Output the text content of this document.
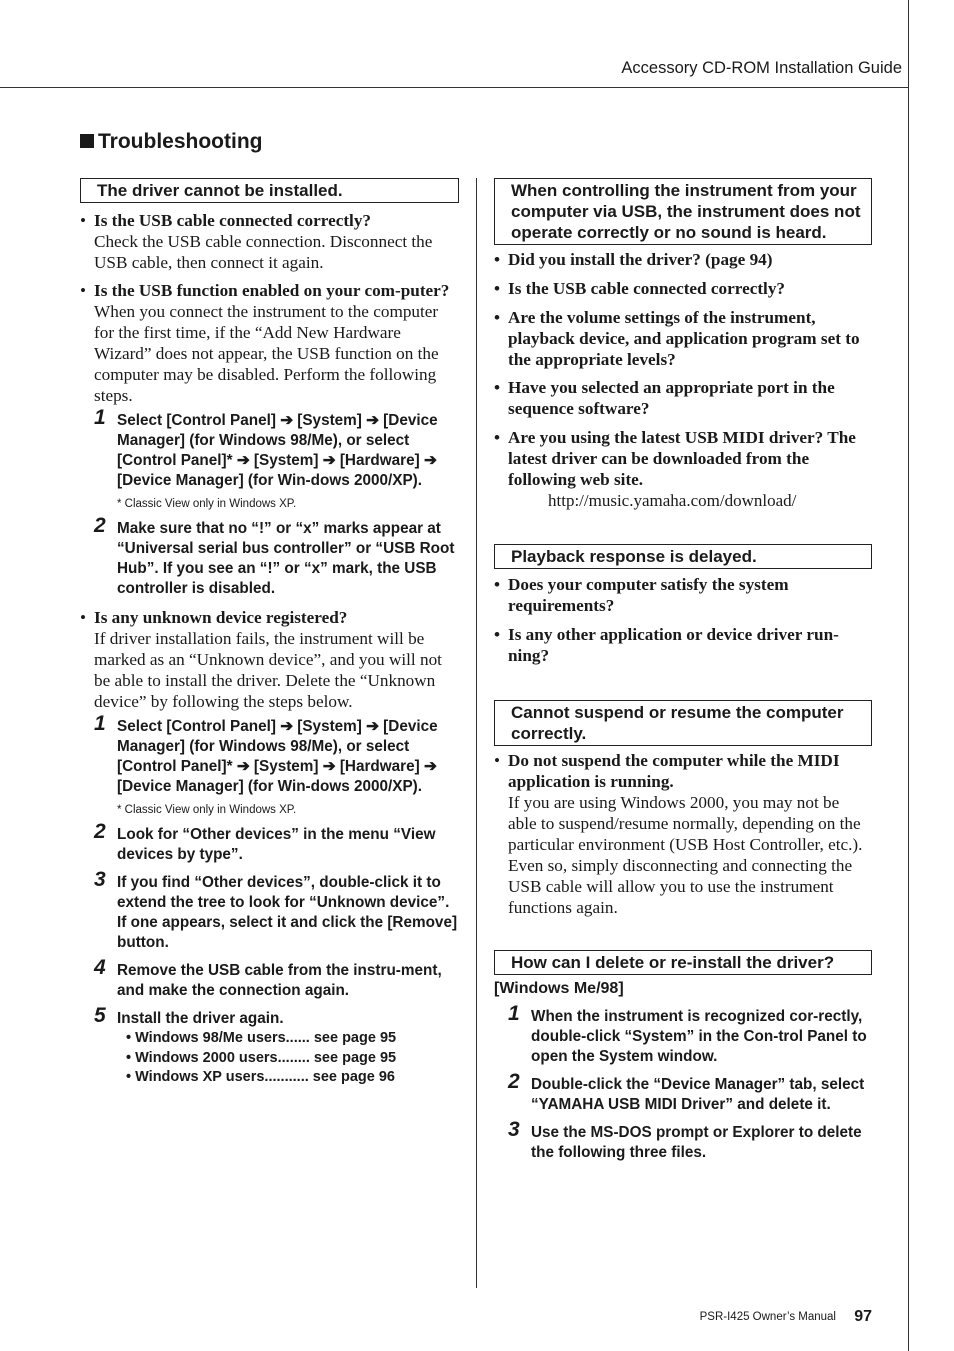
Accessory CD-ROM Installation Guide
Troubleshooting
The driver cannot be installed.
• Is the USB cable connected correctly?
Check the USB cable connection. Disconnect the USB cable, then connect it again.
• Is the USB function enabled on your com-puter?
When you connect the instrument to the computer for the first time, if the “Add New Hardware Wizard” does not appear, the USB function on the computer may be disabled. Perform the following steps.
1 Select [Control Panel] ➔ [System] ➔ [Device Manager] (for Windows 98/Me), or select [Control Panel]* ➔ [System] ➔ [Hardware] ➔ [Device Manager] (for Win-dows 2000/XP).
* Classic View only in Windows XP.
2 Make sure that no “!” or “x” marks appear at “Universal serial bus controller” or “USB Root Hub”. If you see an “!” or “x” mark, the USB controller is disabled.
• Is any unknown device registered?
If driver installation fails, the instrument will be marked as an “Unknown device”, and you will not be able to install the driver. Delete the “Unknown device” by following the steps below.
1 Select [Control Panel] ➔ [System] ➔ [Device Manager] (for Windows 98/Me), or select [Control Panel]* ➔ [System] ➔ [Hardware] ➔ [Device Manager] (for Win-dows 2000/XP).
* Classic View only in Windows XP.
2 Look for “Other devices” in the menu “View devices by type”.
3 If you find “Other devices”, double-click it to extend the tree to look for “Unknown device”. If one appears, select it and click the [Remove] button.
4 Remove the USB cable from the instru-ment, and make the connection again.
5 Install the driver again.
• Windows 98/Me users...... see page 95
• Windows 2000 users........ see page 95
• Windows XP users........... see page 96
When controlling the instrument from your computer via USB, the instrument does not operate correctly or no sound is heard.
• Did you install the driver? (page 94)
• Is the USB cable connected correctly?
• Are the volume settings of the instrument, playback device, and application program set to the appropriate levels?
• Have you selected an appropriate port in the sequence software?
• Are you using the latest USB MIDI driver? The latest driver can be downloaded from the following web site.
http://music.yamaha.com/download/
Playback response is delayed.
• Does your computer satisfy the system requirements?
• Is any other application or device driver run-ning?
Cannot suspend or resume the computer correctly.
• Do not suspend the computer while the MIDI application is running.
If you are using Windows 2000, you may not be able to suspend/resume normally, depending on the particular environment (USB Host Controller, etc.). Even so, simply disconnecting and connecting the USB cable will allow you to use the instrument functions again.
How can I delete or re-install the driver?
[Windows Me/98]
1 When the instrument is recognized cor-rectly, double-click “System” in the Con-trol Panel to open the System window.
2 Double-click the “Device Manager” tab, select “YAMAHA USB MIDI Driver” and delete it.
3 Use the MS-DOS prompt or Explorer to delete the following three files.
PSR-I425 Owner’s Manual	97
